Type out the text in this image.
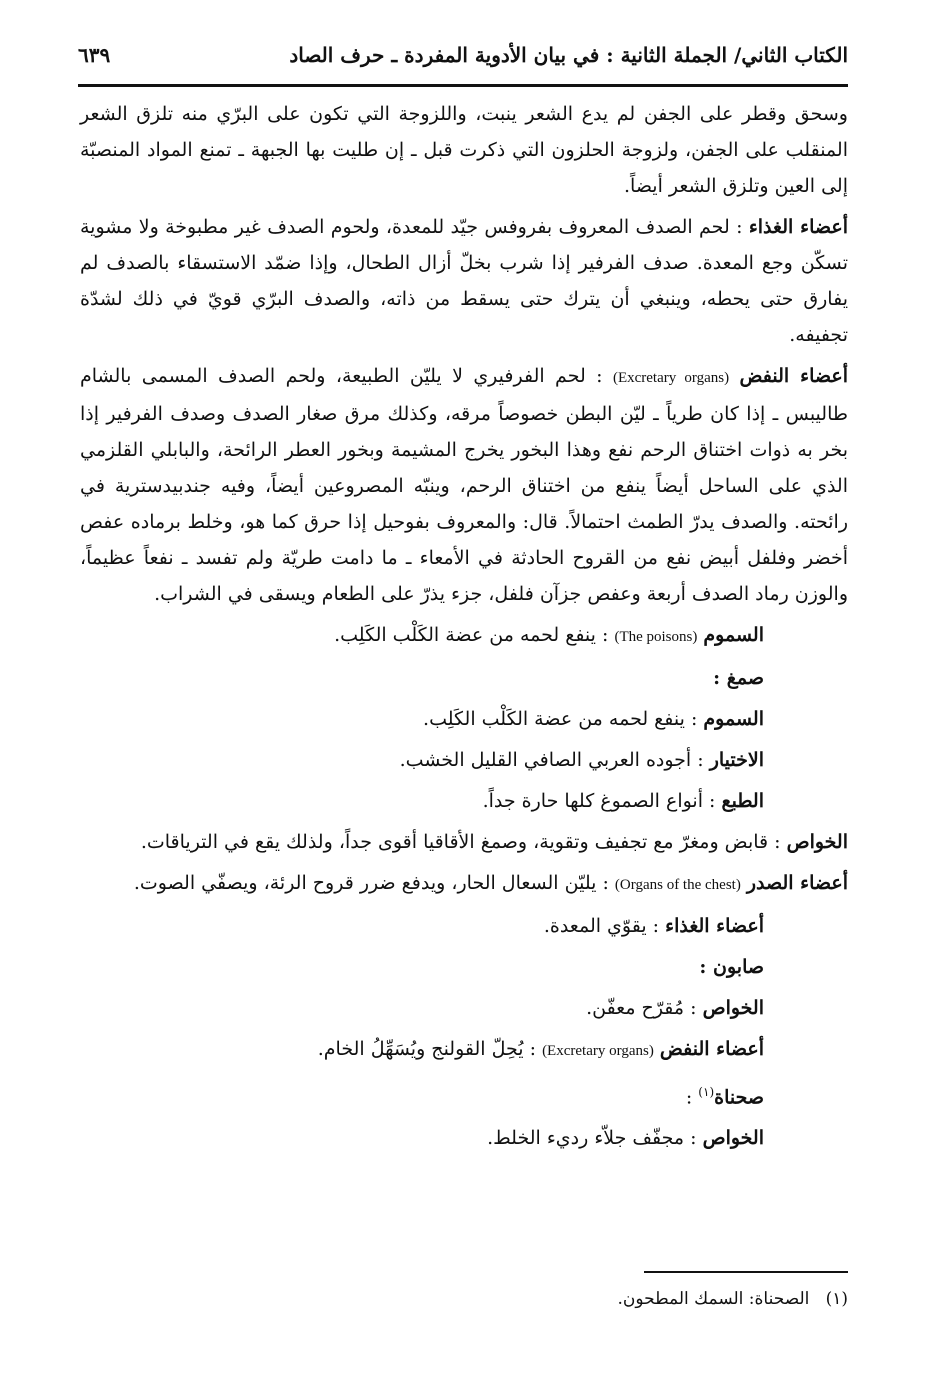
الكتاب الثاني/ الجملة الثانية : في بيان الأدوية المفردة ـ حرف الصاد
٦٣٩

وسحق وقطر على الجفن لم يدع الشعر ينبت، واللزوجة التي تكون على البرّي منه تلزق الشعر المنقلب على الجفن، ولزوجة الحلزون التي ذكرت قبل ـ إن طليت بها الجبهة ـ تمنع المواد المنصبّة إلى العين وتلزق الشعر أيضاً.

أعضاء الغذاء : لحم الصدف المعروف بفروفس جيّد للمعدة، ولحوم الصدف غير مطبوخة ولا مشوية تسكّن وجع المعدة. صدف الفرفير إذا شرب بخلّ أزال الطحال، وإذا ضمّد الاستسقاء بالصدف لم يفارق حتى يحطه، وينبغي أن يترك حتى يسقط من ذاته، والصدف البرّي قويّ في ذلك لشدّة تجفيفه.

أعضاء النفض (Excretary organs) : لحم الفرفيري لا يليّن الطبيعة، ولحم الصدف المسمى بالشام طاليبس ـ إذا كان طرياً ـ ليّن البطن خصوصاً مرقه، وكذلك مرق صغار الصدف وصدف الفرفير إذا بخر به ذوات اختناق الرحم نفع وهذا البخور يخرج المشيمة وبخور العطر الرائحة، والبابلي القلزمي الذي على الساحل أيضاً ينفع من اختناق الرحم، وينبّه المصروعين أيضاً، وفيه جندبيدسترية في رائحته. والصدف يدرّ الطمث احتمالاً. قال: والمعروف بفوحيل إذا حرق كما هو، وخلط برماده عفص أخضر وفلفل أبيض نفع من القروح الحادثة في الأمعاء ـ ما دامت طريّة ولم تفسد ـ نفعاً عظيماً، والوزن رماد الصدف أربعة وعفص جزآن فلفل، جزء يذرّ على الطعام ويسقى في الشراب.

السموم (The poisons) : ينفع لحمه من عضة الكَلْب الكَلِب.

صمغ :

السموم : ينفع لحمه من عضة الكَلْب الكَلِب.

الاختيار : أجوده العربي الصافي القليل الخشب.

الطبع : أنواع الصموغ كلها حارة جداً.

الخواص : قابض ومغرّ مع تجفيف وتقوية، وصمغ الأقاقيا أقوى جداً، ولذلك يقع في الترياقات.

أعضاء الصدر (Organs of the chest) : يليّن السعال الحار، ويدفع ضرر قروح الرئة، ويصفّي الصوت.

أعضاء الغذاء : يقوّي المعدة.

صابون :

الخواص : مُقرّح معفّن.

أعضاء النفض (Excretary organs) : يُحِلّ القولنج ويُسَهِّلُ الخام.

صحناة$^{(١)}$ :

الخواص : مجفّف جلاّء رديء الخلط.

(١)   الصحناة: السمك المطحون.
